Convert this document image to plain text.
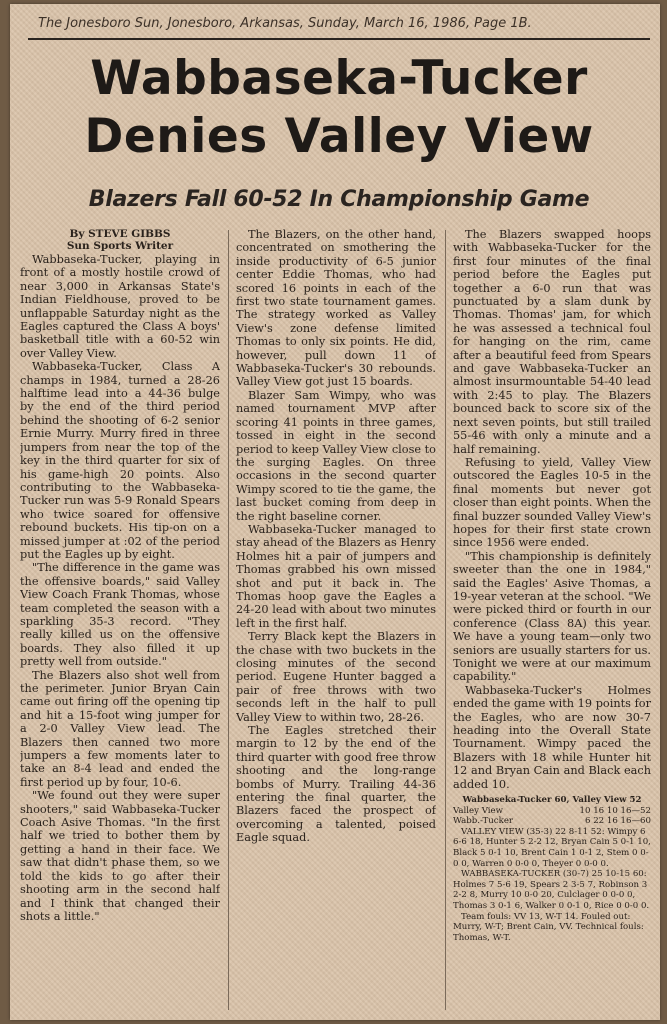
The Jonesboro Sun, Jonesboro, Arkansas, Sunday, March 16, 1986, Page 1B.
Wabbaseka-Tucker
Denies Valley View
Blazers Fall 60-52 In Championship Game
By STEVE GIBBS
Sun Sports Writer

Wabbaseka-Tucker, playing in front of a mostly hostile crowd of near 3,000 in Arkansas State's Indian Fieldhouse, proved to be unflappable Saturday night as the Eagles captured the Class A boys' basketball title with a 60-52 win over Valley View.

Wabbaseka-Tucker, Class A champs in 1984, turned a 28-26 halftime lead into a 44-36 bulge by the end of the third period behind the shooting of 6-2 senior Ernie Murry. Murry fired in three jumpers from near the top of the key in the third quarter for six of his game-high 20 points. Also contributing to the Wabbaseka-Tucker run was 5-9 Ronald Spears who twice soared for offensive rebound buckets. His tip-on on a missed jumper at :02 of the period put the Eagles up by eight.

"The difference in the game was the offensive boards," said Valley View Coach Frank Thomas, whose team completed the season with a sparkling 35-3 record. "They really killed us on the offensive boards. They also filled it up pretty well from outside."

The Blazers also shot well from the perimeter. Junior Bryan Cain came out firing off the opening tip and hit a 15-foot wing jumper for a 2-0 Valley View lead. The Blazers then canned two more jumpers a few moments later to take an 8-4 lead and ended the first period up by four, 10-6.

"We found out they were super shooters," said Wabbaseka-Tucker Coach Asive Thomas. "In the first half we tried to bother them by getting a hand in their face. We saw that didn't phase them, so we told the kids to go after their shooting arm in the second half and I think that changed their shots a little."

The Blazers, on the other hand, concentrated on smothering the inside productivity of 6-5 junior center Eddie Thomas, who had scored 16 points in each of the first two state tournament games. The strategy worked as Valley View's zone defense limited Thomas to only six points. He did, however, pull down 11 of Wabbaseka-Tucker's 30 rebounds. Valley View got just 15 boards.

Blazer Sam Wimpy, who was named tournament MVP after scoring 41 points in three games, tossed in eight in the second period to keep Valley View close to the surging Eagles. On three occasions in the second quarter Wimpy scored to tie the game, the last bucket coming from deep in the right baseline corner.

Wabbaseka-Tucker managed to stay ahead of the Blazers as Henry Holmes hit a pair of jumpers and Thomas grabbed his own missed shot and put it back in. The Thomas hoop gave the Eagles a 24-20 lead with about two minutes left in the first half.

Terry Black kept the Blazers in the chase with two buckets in the closing minutes of the second period. Eugene Hunter bagged a pair of free throws with two seconds left in the half to pull Valley View to within two, 28-26.

The Eagles stretched their margin to 12 by the end of the third quarter with good free throw shooting and the long-range bombs of Murry. Trailing 44-36 entering the final quarter, the Blazers faced the prospect of overcoming a talented, poised Eagle squad.

The Blazers swapped hoops with Wabbaseka-Tucker for the first four minutes of the final period before the Eagles put together a 6-0 run that was punctuated by a slam dunk by Thomas. Thomas' jam, for which he was assessed a technical foul for hanging on the rim, came after a beautiful feed from Spears and gave Wabbaseka-Tucker an almost insurmountable 54-40 lead with 2:45 to play. The Blazers bounced back to score six of the next seven points, but still trailed 55-46 with only a minute and a half remaining.

Refusing to yield, Valley View outscored the Eagles 10-5 in the final moments but never got closer than eight points. When the final buzzer sounded Valley View's hopes for their first state crown since 1956 were ended.

"This championship is definitely sweeter than the one in 1984," said the Eagles' Asive Thomas, a 19-year veteran at the school. "We were picked third or fourth in our conference (Class 8A) this year. We have a young team—only two seniors are usually starters for us. Tonight we were at our maximum capability."

Wabbaseka-Tucker's Holmes ended the game with 19 points for the Eagles, who are now 30-7 heading into the Overall State Tournament. Wimpy paced the Blazers with 18 while Hunter hit 12 and Bryan Cain and Black each added 10.

Wabbaseka-Tucker 60, Valley View 52
Valley View	10 16 10 16—52
Wabb.-Tucker	6 22 16 16—60

VALLEY VIEW (35-3) 22 8-11 52: Wimpy 6 6-6 18, Hunter 5 2-2 12, Bryan Cain 5 0-1 10, Black 5 0-1 10, Brent Cain 1 0-1 2, Stem 0 0-0 0, Warren 0 0-0 0, Theyer 0 0-0 0.

WABBASEKA-TUCKER (30-7) 25 10-15 60: Holmes 7 5-6 19, Spears 2 3-5 7, Robinson 3 2-2 8, Murry 10 0-0 20, Culclager 0 0-0 0, Thomas 3 0-1 6, Walker 0 0-1 0, Rice 0 0-0 0.

Team fouls: VV 13, W-T 14. Fouled out: Murry, W-T; Brent Cain, VV. Technical fouls: Thomas, W-T.
